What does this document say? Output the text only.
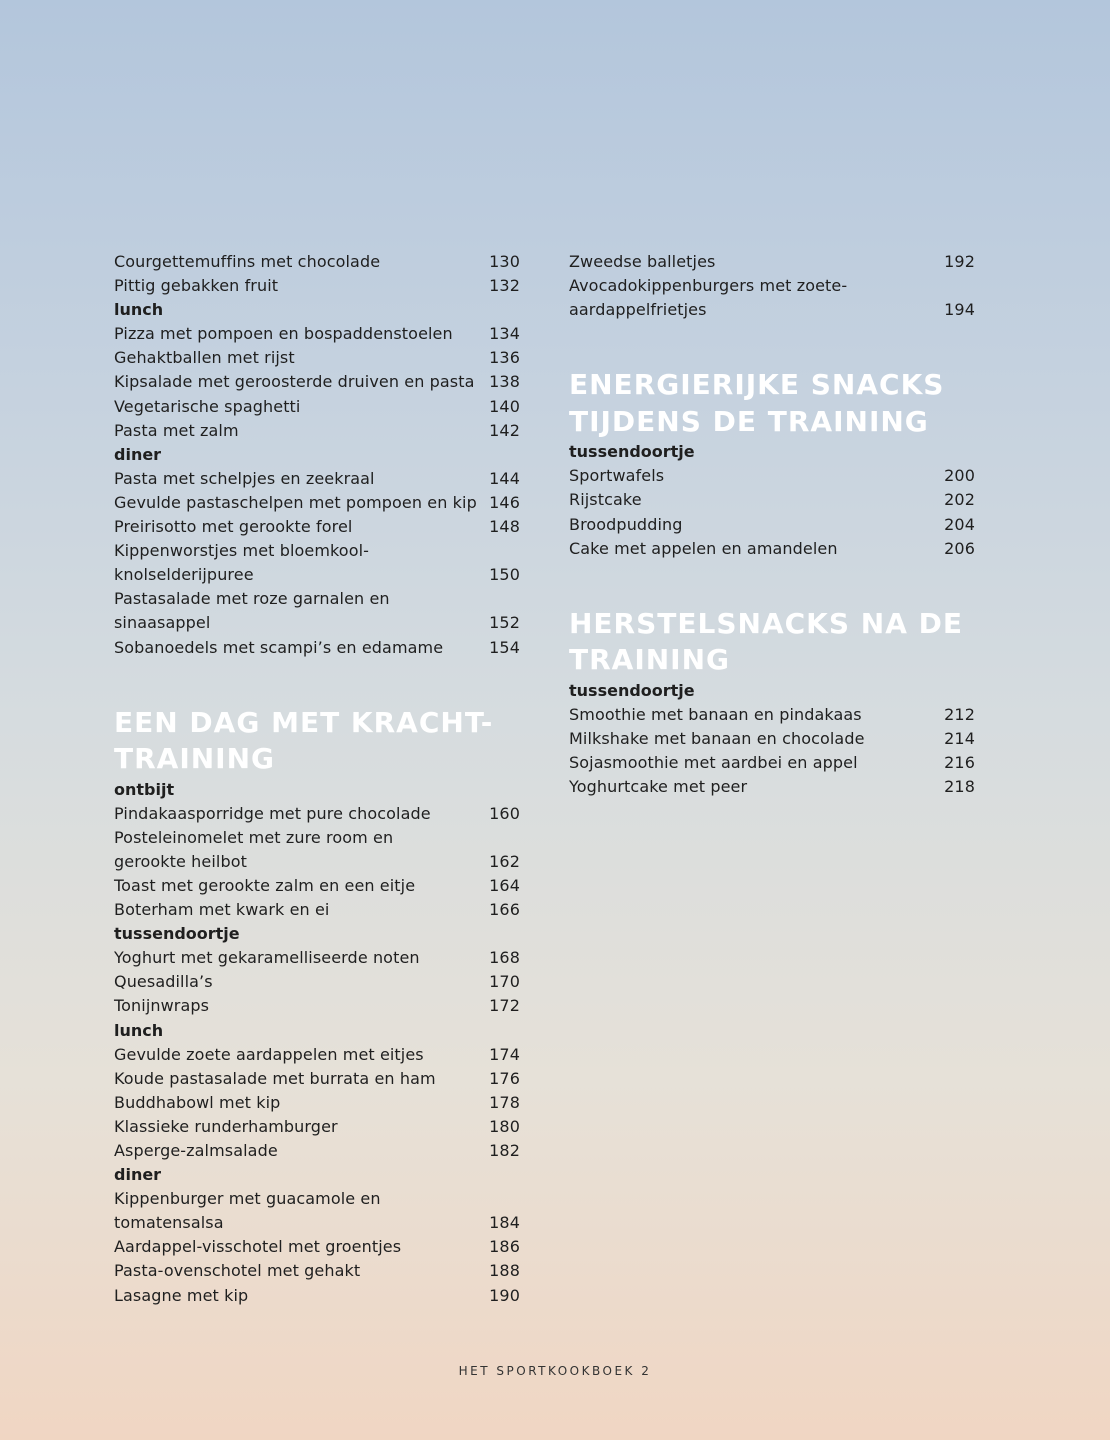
Courgettemuffins met chocolade	130
Pittig gebakken fruit	132
lunch
Pizza met pompoen en bospaddenstoelen	134
Gehaktballen met rijst	136
Kipsalade met geroosterde druiven en pasta 138
Vegetarische spaghetti	140
Pasta met zalm	142
diner
Pasta met schelpjes en zeekraal	144
Gevulde pastaschelpen met pompoen en kip 146
Preirisotto met gerookte forel	148
Kippenworstjes met bloemkool-
knolselderijpuree	150
Pastasalade met roze garnalen en
sinaasappel	152
Sobanoedels met scampi’s en edamame	154
EEN DAG MET KRACHT-
TRAINING
ontbijt
Pindakaasporridge met pure chocolade	160
Posteleinomelet met zure room en
gerookte heilbot	162
Toast met gerookte zalm en een eitje	164
Boterham met kwark en ei	166
tussendoortje
Yoghurt met gekaramelliseerde noten	168
Quesadilla’s	170
Tonijnwraps	172
lunch
Gevulde zoete aardappelen met eitjes	174
Koude pastasalade met burrata en ham	176
Buddhabowl met kip	178
Klassieke runderhamburger	180
Asperge-zalmsalade	182
diner
Kippenburger met guacamole en tomatensalsa	184
Aardappel-visschotel met groentjes	186
Pasta-ovenschotel met gehakt	188
Lasagne met kip	190
Zweedse balletjes	192
Avocadokippenburgers met zoete-
aardappelfrietjes	194
ENERGIERIJKE SNACKS
TIJDENS DE TRAINING
tussendoortje
Sportwafels	200
Rijstcake	202
Broodpudding	204
Cake met appelen en amandelen	206
HERSTELSNACKS NA DE
TRAINING
tussendoortje
Smoothie met banaan en pindakaas	212
Milkshake met banaan en chocolade	214
Sojasmoothie met aardbei en appel	216
Yoghurtcake met peer	218
HET SPORTKOOKBOEK 2
